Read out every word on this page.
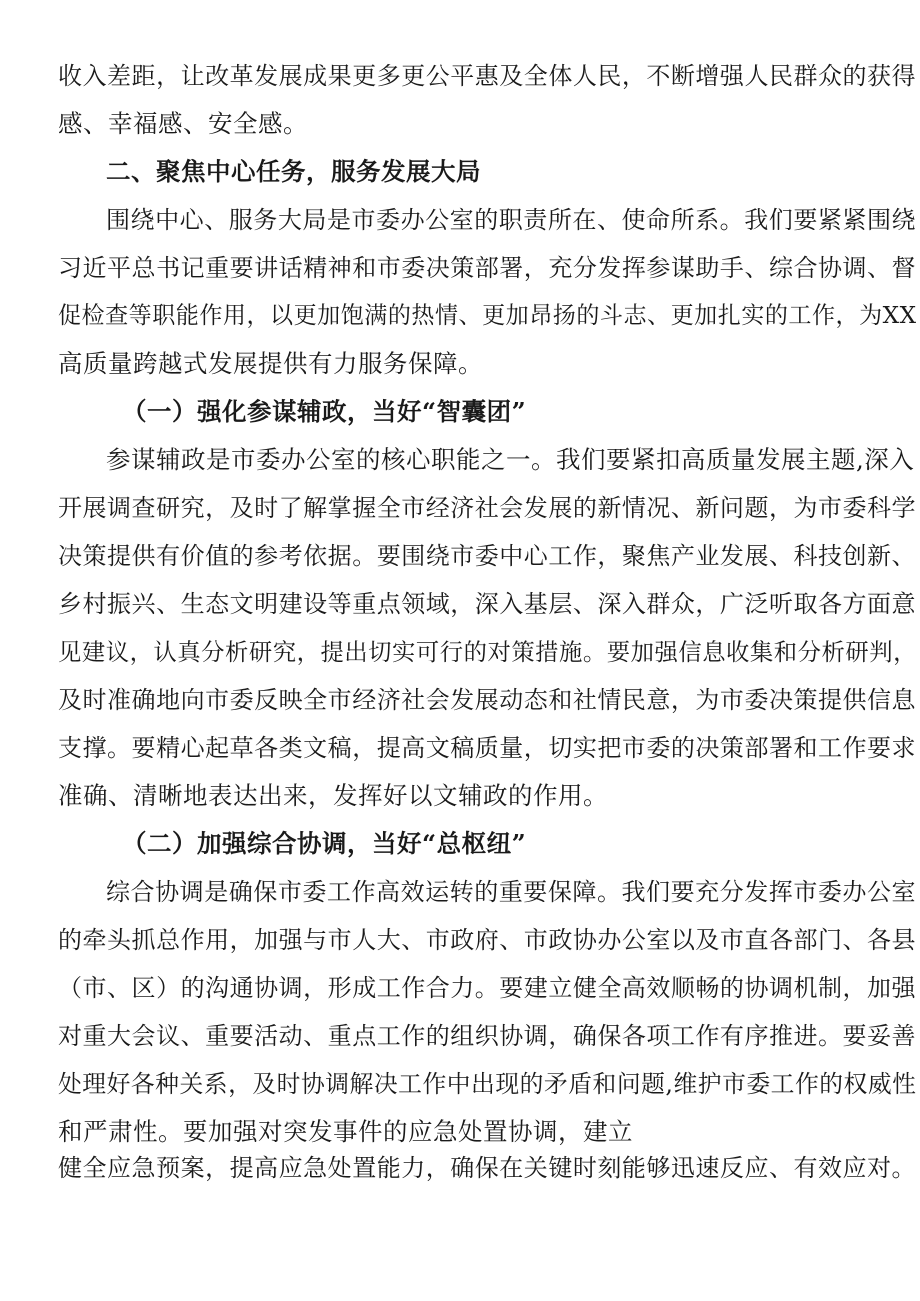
收入差距，让改革发展成果更多更公平惠及全体人民，不断增强人民群众的获得
感、幸福感、安全感。
二、聚焦中心任务，服务发展大局
围绕中心、服务大局是市委办公室的职责所在、使命所系。我们要紧紧围绕
习近平总书记重要讲话精神和市委决策部署，充分发挥参谋助手、综合协调、督
促检查等职能作用，以更加饱满的热情、更加昂扬的斗志、更加扎实的工作，为XX
高质量跨越式发展提供有力服务保障。
（一）强化参谋辅政，当好“智囊团”
参谋辅政是市委办公室的核心职能之一。我们要紧扣高质量发展主题,深入
开展调查研究，及时了解掌握全市经济社会发展的新情况、新问题，为市委科学
决策提供有价值的参考依据。要围绕市委中心工作，聚焦产业发展、科技创新、
乡村振兴、生态文明建设等重点领域，深入基层、深入群众，广泛听取各方面意
见建议，认真分析研究，提出切实可行的对策措施。要加强信息收集和分析研判，
及时准确地向市委反映全市经济社会发展动态和社情民意，为市委决策提供信息
支撑。要精心起草各类文稿，提高文稿质量，切实把市委的决策部署和工作要求
准确、清晰地表达出来，发挥好以文辅政的作用。
（二）加强综合协调，当好“总枢纽”
综合协调是确保市委工作高效运转的重要保障。我们要充分发挥市委办公室
的牵头抓总作用，加强与市人大、市政府、市政协办公室以及市直各部门、各县
（市、区）的沟通协调，形成工作合力。要建立健全高效顺畅的协调机制，加强
对重大会议、重要活动、重点工作的组织协调，确保各项工作有序推进。要妥善
处理好各种关系，及时协调解决工作中出现的矛盾和问题,维护市委工作的权威性
和严肃性。要加强对突发事件的应急处置协调，建立
健全应急预案，提高应急处置能力，确保在关键时刻能够迅速反应、有效应对。
